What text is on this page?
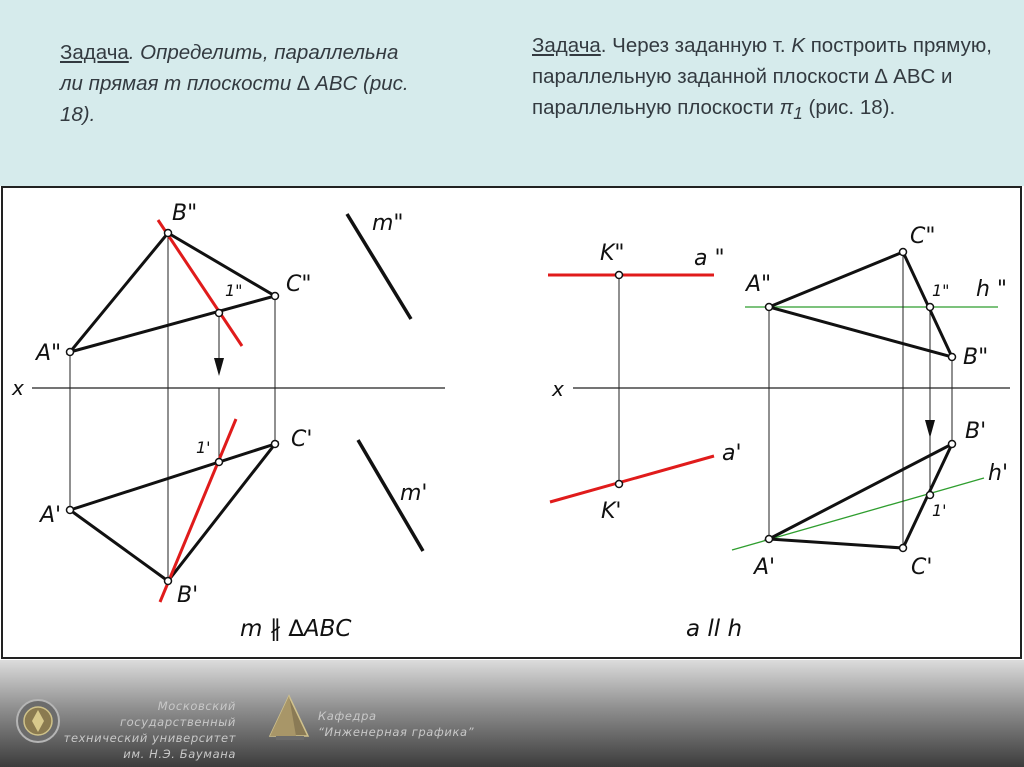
Задача. Определить, параллельна ли прямая m плоскости ∆ ABC (рис. 18).
Задача. Через заданную т. K построить прямую, параллельную заданной плоскости ∆ ABC и параллельную плоскости $\pi_1$ (рис. 18).
B"
C"
A"
1"
m"
x
1'	C'
A'
m'
B'
m ∦ ∆ABC
K"	a "
C"
A"	1" h "
B"
x
B'
a'
h'
K'	1'
A'	C'
a ll h
Московский государственный
технический университет
им. Н.Э. Баумана
Кафедра
“Инженерная графика”
